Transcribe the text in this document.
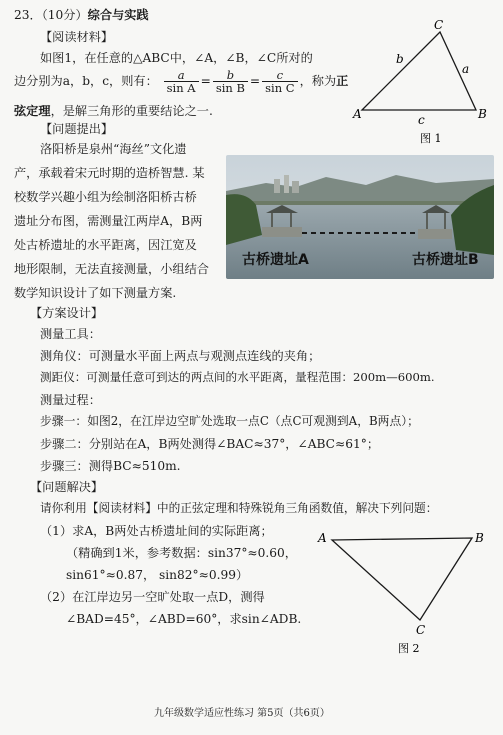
23．（10分）综合与实践
【阅读材料】
如图1，在任意的△ABC中，∠A，∠B，∠C所对的
边分别为a，b，c，则有： $\frac{a}{\text{sin A}} = \frac{b}{\text{sin B}} = \frac{c}{\text{sin C}}$ ，称为正
弦定理，是解三角形的重要结论之一.
C
A	B
a
b
c
图 1
【问题提出】
洛阳桥是泉州“海丝”文化遗
产，承载着宋元时期的造桥智慧. 某
校数学兴趣小组为绘制洛阳桥古桥
遗址分布图，需测量江两岸A，B两
处古桥遗址的水平距离，因江宽及
地形限制，无法直接测量，小组结合
数学知识设计了如下测量方案.
古桥遗址A	古桥遗址B
【方案设计】
测量工具：
测角仪：可测量水平面上两点与观测点连线的夹角；
测距仪：可测量任意可到达的两点间的水平距离，量程范围：200m—600m.
测量过程：
步骤一：如图2，在江岸边空旷处选取一点C（点C可观测到A，B两点）；
步骤二：分别站在A，B两处测得∠BAC≈37°，∠ABC≈61°；
步骤三：测得BC≈510m.
【问题解决】
请你利用【阅读材料】中的正弦定理和特殊锐角三角函数值，解决下列问题：
（1）求A，B两处古桥遗址间的实际距离；
（精确到1米，参考数据：sin37°≈0.60，
sin61°≈0.87， sin82°≈0.99）
（2）在江岸边另一空旷处取一点D，测得
∠BAD=45°，∠ABD=60°，求sin∠ADB.
A	B
C
图 2
九年级数学适应性练习 第5页（共6页）
